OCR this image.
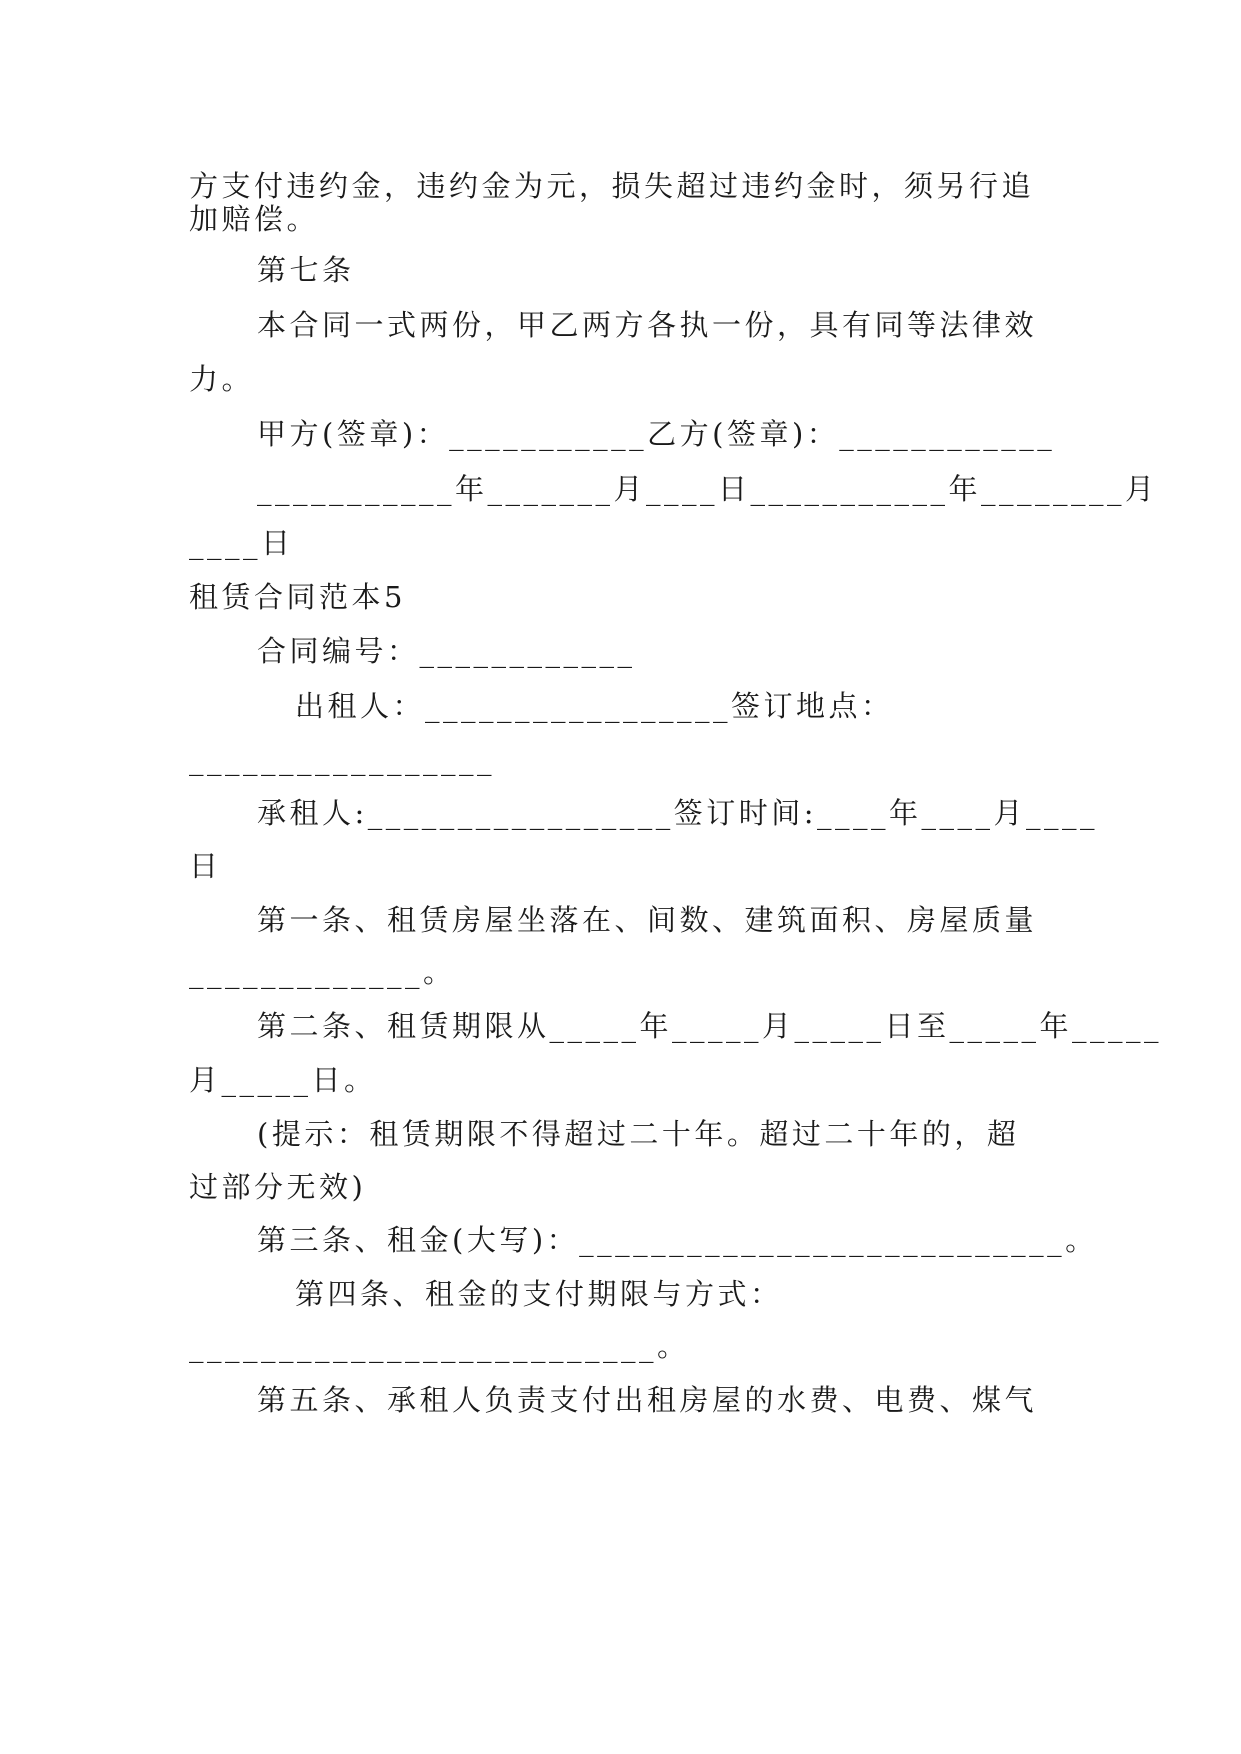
方支付违约金，违约金为元，损失超过违约金时，须另行追
加赔偿。
第七条
本合同一式两份，甲乙两方各执一份，具有同等法律效
力。
甲方(签章)：___________乙方(签章)：____________
___________年_______月____日___________年________月
____日
租赁合同范本5
合同编号：____________
出租人：_________________签订地点：
_________________
承租人:_________________签订时间:____年____月____
日
第一条、租赁房屋坐落在、间数、建筑面积、房屋质量
_____________。
第二条、租赁期限从_____年_____月_____日至_____年_____
月_____日。
(提示：租赁期限不得超过二十年。超过二十年的，超
过部分无效)
第三条、租金(大写)：___________________________。
第四条、租金的支付期限与方式：
__________________________。
第五条、承租人负责支付出租房屋的水费、电费、煤气
